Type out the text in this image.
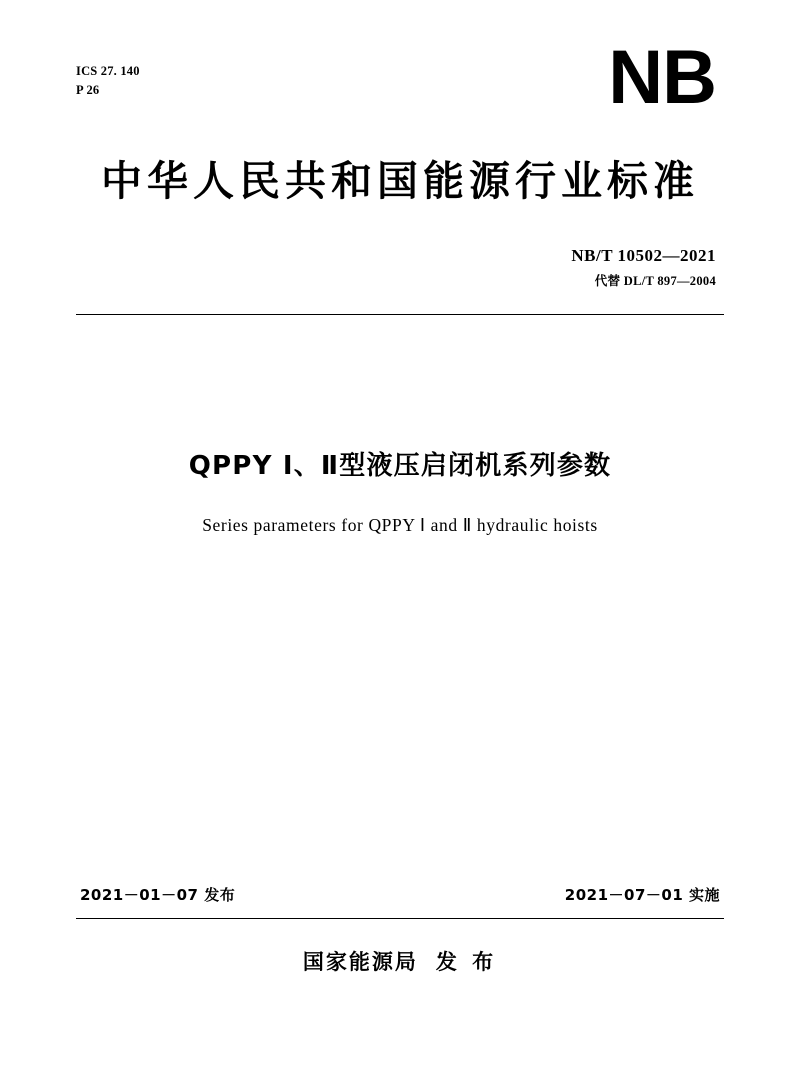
ICS 27. 140
P 26	NB
中华人民共和国能源行业标准
NB/T 10502—2021
代替 DL/T 897—2004
QPPY Ⅰ、Ⅱ型液压启闭机系列参数
Series parameters for QPPY Ⅰ and Ⅱ hydraulic hoists
2021－01－07 发布	2021－07－01 实施
国家能源局 发 布
